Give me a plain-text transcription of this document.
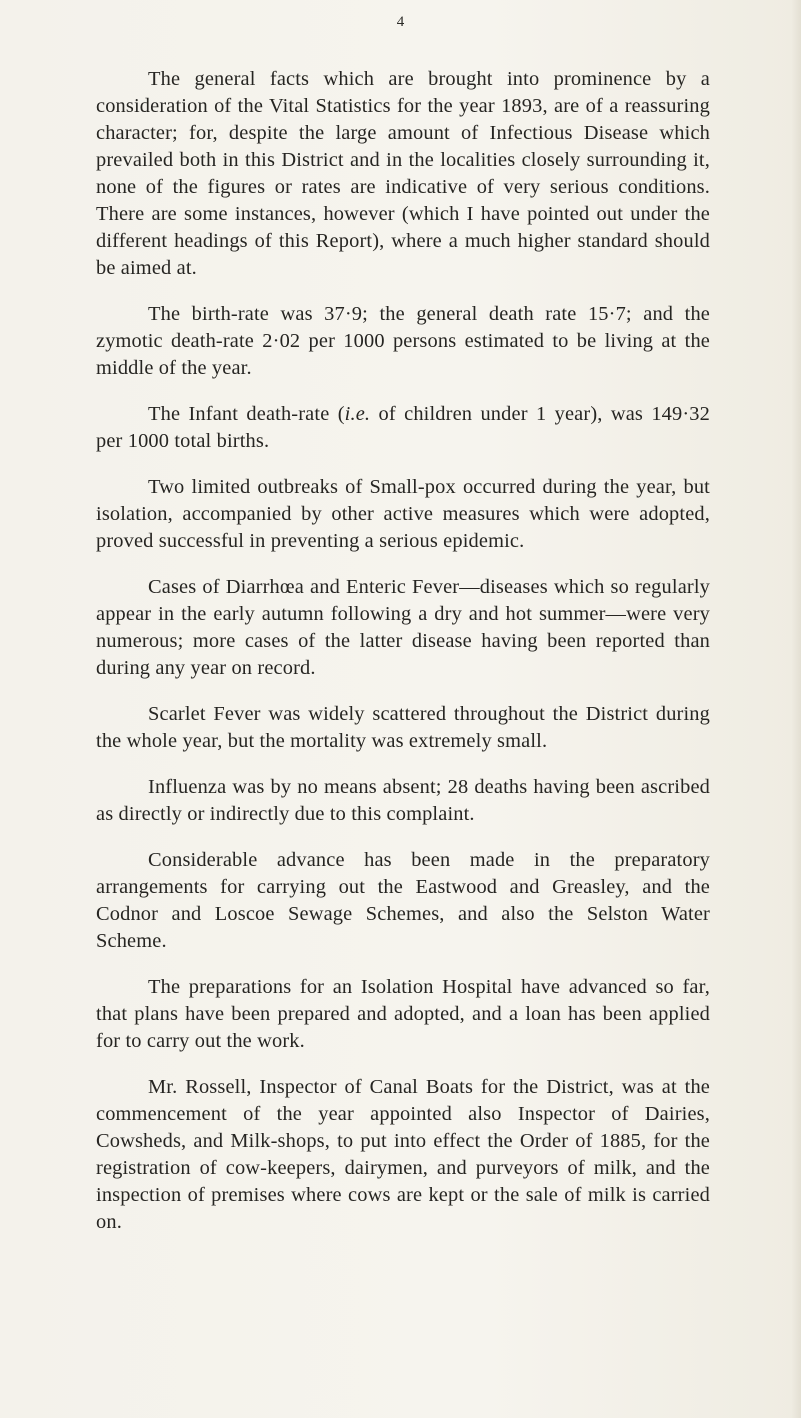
4

The general facts which are brought into prominence by a consideration of the Vital Statistics for the year 1893, are of a reassuring character; for, despite the large amount of Infectious Disease which prevailed both in this District and in the localities closely surrounding it, none of the figures or rates are indicative of very serious conditions. There are some instances, however (which I have pointed out under the different headings of this Report), where a much higher standard should be aimed at.

The birth-rate was 37·9; the general death rate 15·7; and the zymotic death-rate 2·02 per 1000 persons estimated to be living at the middle of the year.

The Infant death-rate (i.e. of children under 1 year), was 149·32 per 1000 total births.

Two limited outbreaks of Small-pox occurred during the year, but isolation, accompanied by other active measures which were adopted, proved successful in preventing a serious epidemic.

Cases of Diarrhœa and Enteric Fever—diseases which so regularly appear in the early autumn following a dry and hot summer—were very numerous; more cases of the latter disease having been reported than during any year on record.

Scarlet Fever was widely scattered throughout the District during the whole year, but the mortality was extremely small.

Influenza was by no means absent; 28 deaths having been ascribed as directly or indirectly due to this complaint.

Considerable advance has been made in the preparatory arrangements for carrying out the Eastwood and Greasley, and the Codnor and Loscoe Sewage Schemes, and also the Selston Water Scheme.

The preparations for an Isolation Hospital have advanced so far, that plans have been prepared and adopted, and a loan has been applied for to carry out the work.

Mr. Rossell, Inspector of Canal Boats for the District, was at the commencement of the year appointed also Inspector of Dairies, Cowsheds, and Milk-shops, to put into effect the Order of 1885, for the registration of cow-keepers, dairymen, and purveyors of milk, and the inspection of premises where cows are kept or the sale of milk is carried on.
